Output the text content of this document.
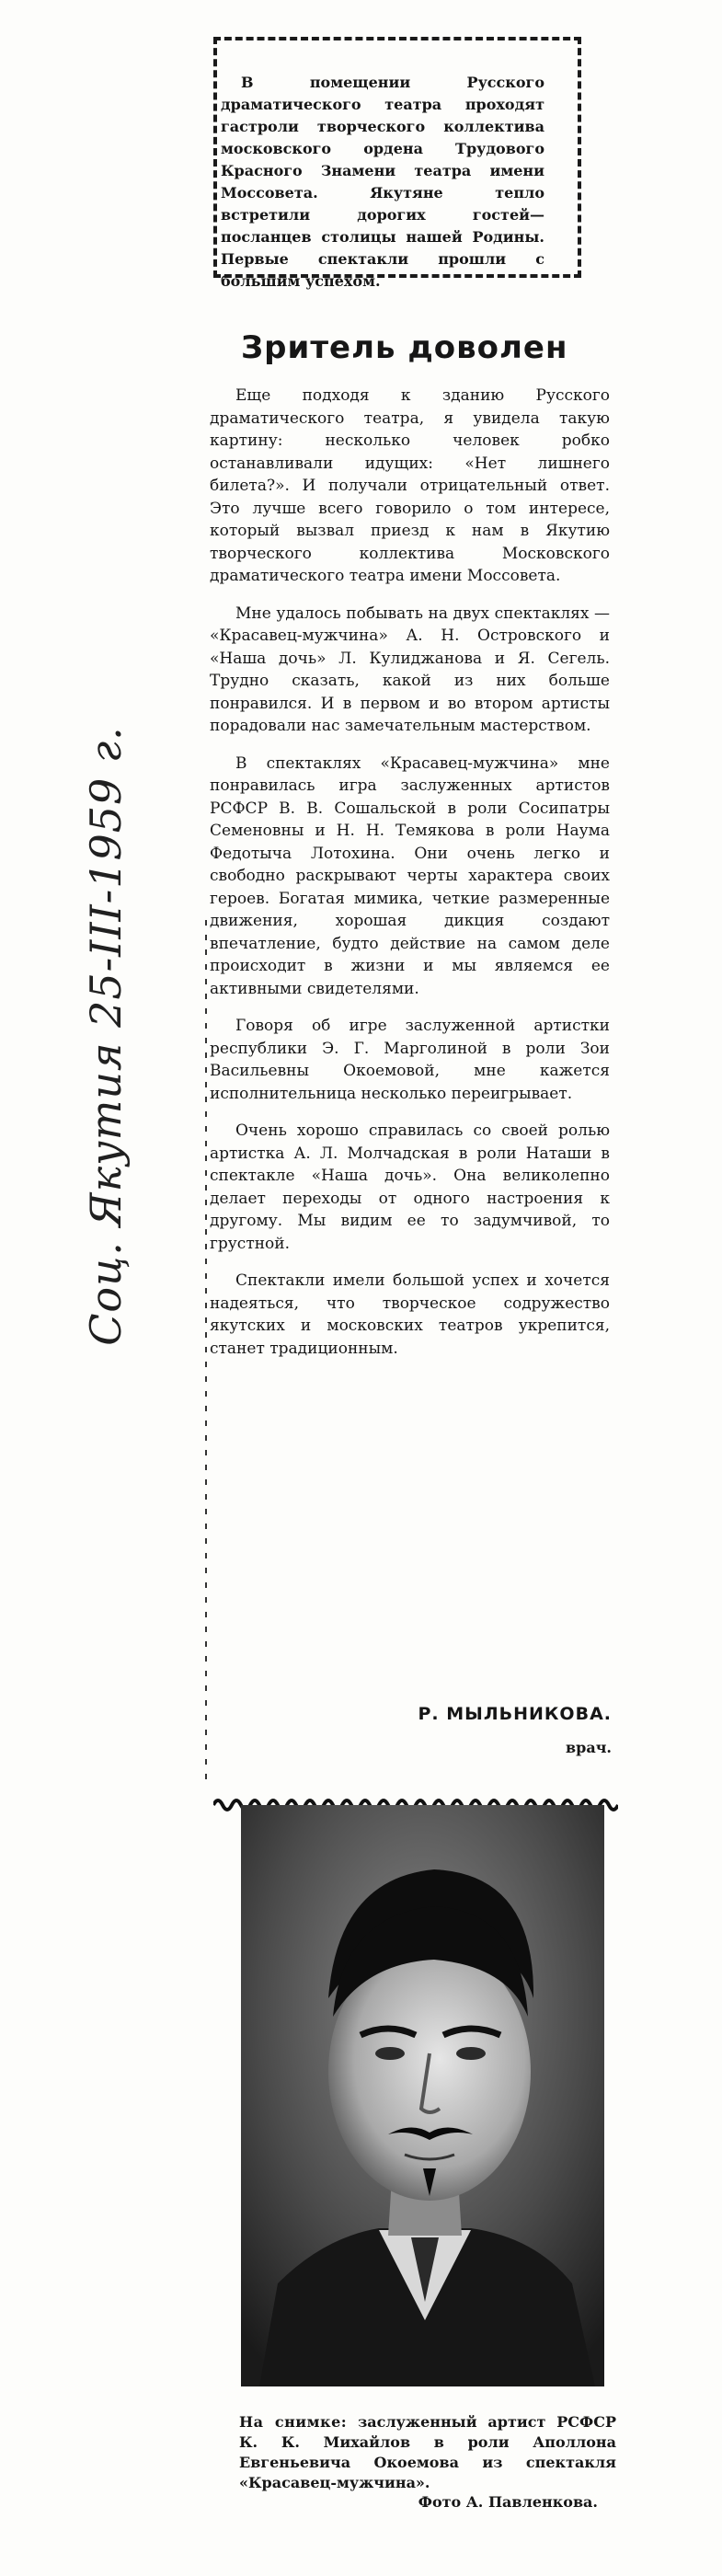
В помещении Русского драматического театра проходят гастроли творческого коллектива московского ордена Трудового Красного Знамени театра имени Моссовета. Якутяне тепло встретили дорогих гостей—посланцев столицы нашей Родины. Первые спектакли прошли с большим успехом.

Зритель доволен

Еще подходя к зданию Русского драматического театра, я увидела такую картину: несколько человек робко останавливали идущих: «Нет лишнего билета?». И получали отрицательный ответ. Это лучше всего говорило о том интересе, который вызвал приезд к нам в Якутию творческого коллектива Московского драматического театра имени Моссовета.

Мне удалось побывать на двух спектаклях — «Красавец-мужчина» А. Н. Островского и «Наша дочь» Л. Кулиджанова и Я. Сегель. Трудно сказать, какой из них больше понравился. И в первом и во втором артисты порадовали нас замечательным мастерством.

В спектаклях «Красавец-мужчина» мне понравилась игра заслуженных артистов РСФСР В. В. Сошальской в роли Сосипатры Семеновны и Н. Н. Темякова в роли Наума Федотыча Лотохина. Они очень легко и свободно раскрывают черты характера своих героев. Богатая мимика, четкие размеренные движения, хорошая дикция создают впечатление, будто действие на самом деле происходит в жизни и мы являемся ее активными свидетелями.

Говоря об игре заслуженной артистки республики Э. Г. Марголиной в роли Зои Васильевны Окоемовой, мне кажется исполнительница несколько переигрывает.

Очень хорошо справилась со своей ролью артистка А. Л. Молчадская в роли Наташи в спектакле «Наша дочь». Она великолепно делает переходы от одного настроения к другому. Мы видим ее то задумчивой, то грустной.

Спектакли имели большой успех и хочется надеяться, что творческое содружество якутских и московских театров укрепится, станет традиционным.

Р. МЫЛЬНИКОВА.
врач.

На снимке: заслуженный артист РСФСР К. К. Михайлов в роли Аполлона Евгеньевича Окоемова из спектакля «Красавец-мужчина».

Фото А. Павленкова.
Соц. Якутия 25-III-1959 г.
